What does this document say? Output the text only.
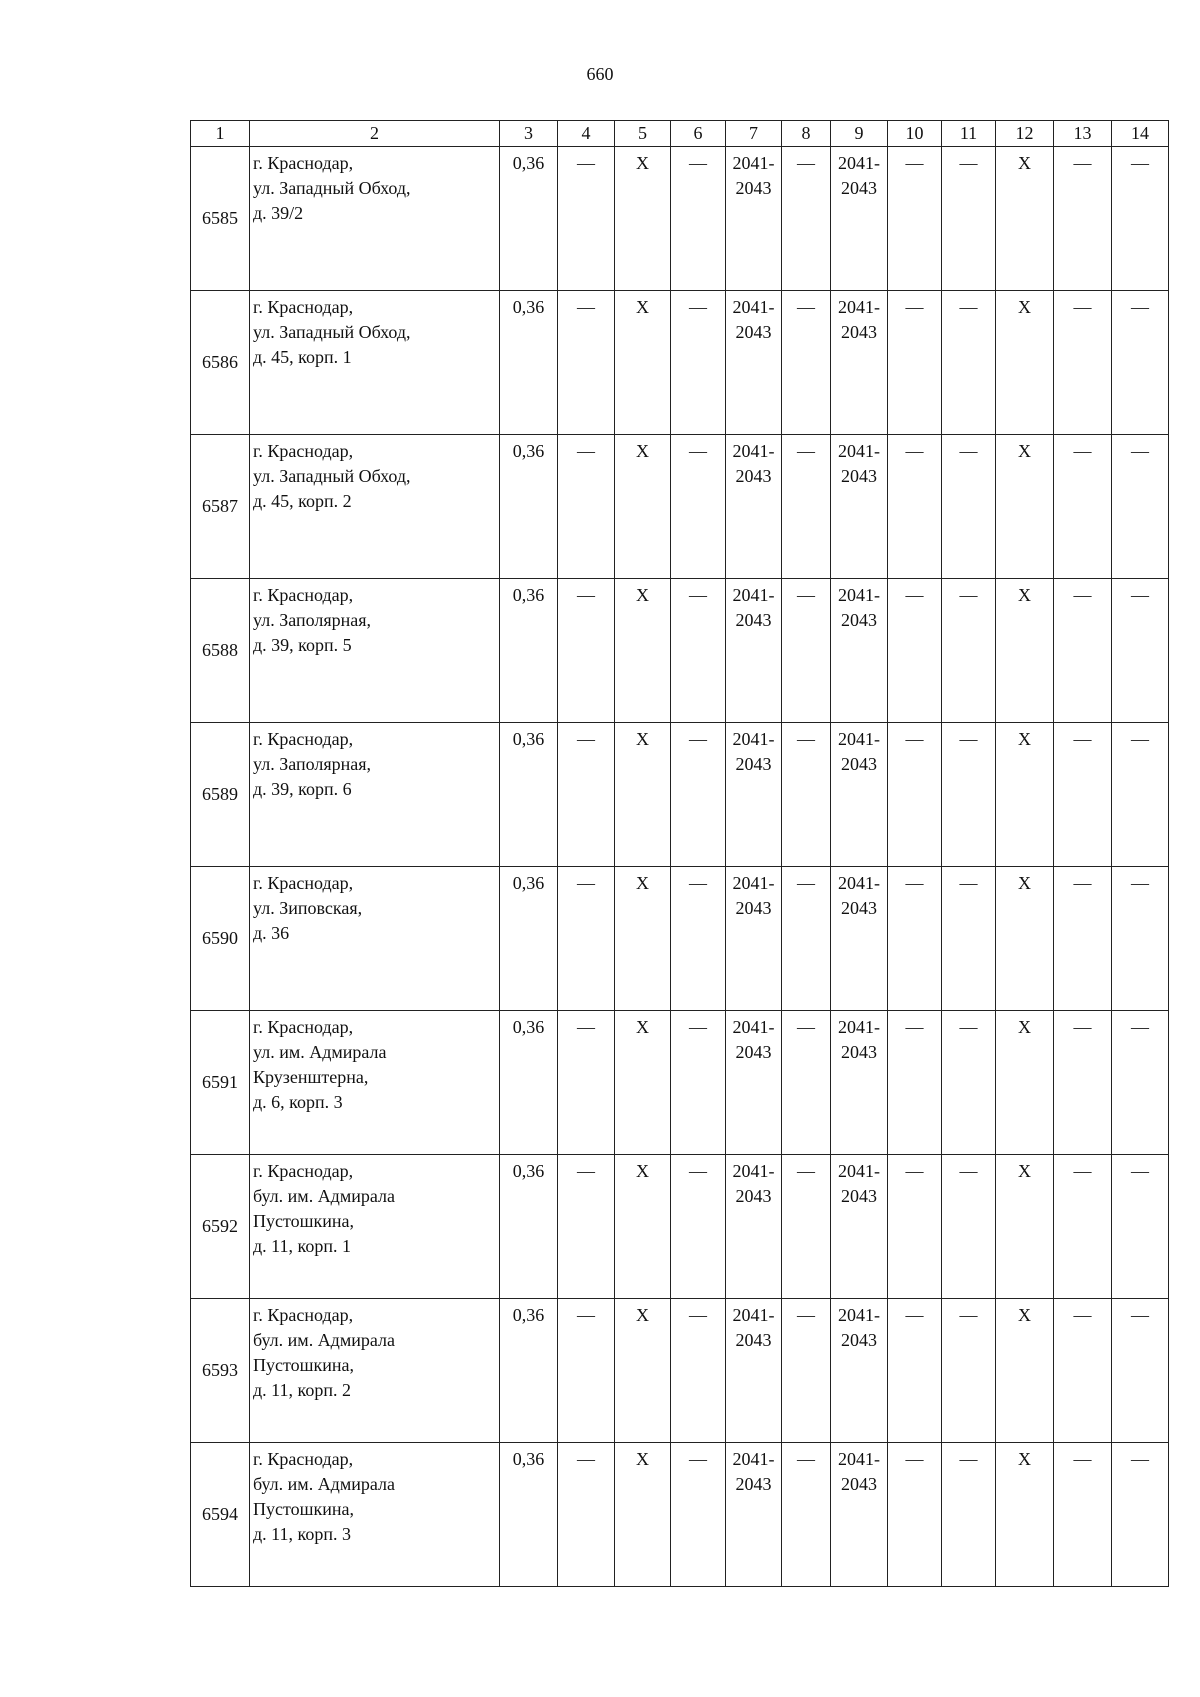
660
1	2	3	4	5	6	7	8	9	10	11	12	13	14
6585	г. Краснодар,
ул. Западный Обход,
д. 39/2	0,36	—	Х	—	2041-
2043	—	2041-
2043	—	—	Х	—	—
6586	г. Краснодар,
ул. Западный Обход,
д. 45, корп. 1	0,36	—	Х	—	2041-
2043	—	2041-
2043	—	—	Х	—	—
6587	г. Краснодар,
ул. Западный Обход,
д. 45, корп. 2	0,36	—	Х	—	2041-
2043	—	2041-
2043	—	—	Х	—	—
6588	г. Краснодар,
ул. Заполярная,
д. 39, корп. 5	0,36	—	Х	—	2041-
2043	—	2041-
2043	—	—	Х	—	—
6589	г. Краснодар,
ул. Заполярная,
д. 39, корп. 6	0,36	—	Х	—	2041-
2043	—	2041-
2043	—	—	Х	—	—
6590	г. Краснодар,
ул. Зиповская,
д. 36	0,36	—	Х	—	2041-
2043	—	2041-
2043	—	—	Х	—	—
6591	г. Краснодар,
ул. им. Адмирала
Крузенштерна,
д. 6, корп. 3	0,36	—	Х	—	2041-
2043	—	2041-
2043	—	—	Х	—	—
6592	г. Краснодар,
бул. им. Адмирала
Пустошкина,
д. 11, корп. 1	0,36	—	Х	—	2041-
2043	—	2041-
2043	—	—	Х	—	—
6593	г. Краснодар,
бул. им. Адмирала
Пустошкина,
д. 11, корп. 2	0,36	—	Х	—	2041-
2043	—	2041-
2043	—	—	Х	—	—
6594	г. Краснодар,
бул. им. Адмирала
Пустошкина,
д. 11, корп. 3	0,36	—	Х	—	2041-
2043	—	2041-
2043	—	—	Х	—	—
